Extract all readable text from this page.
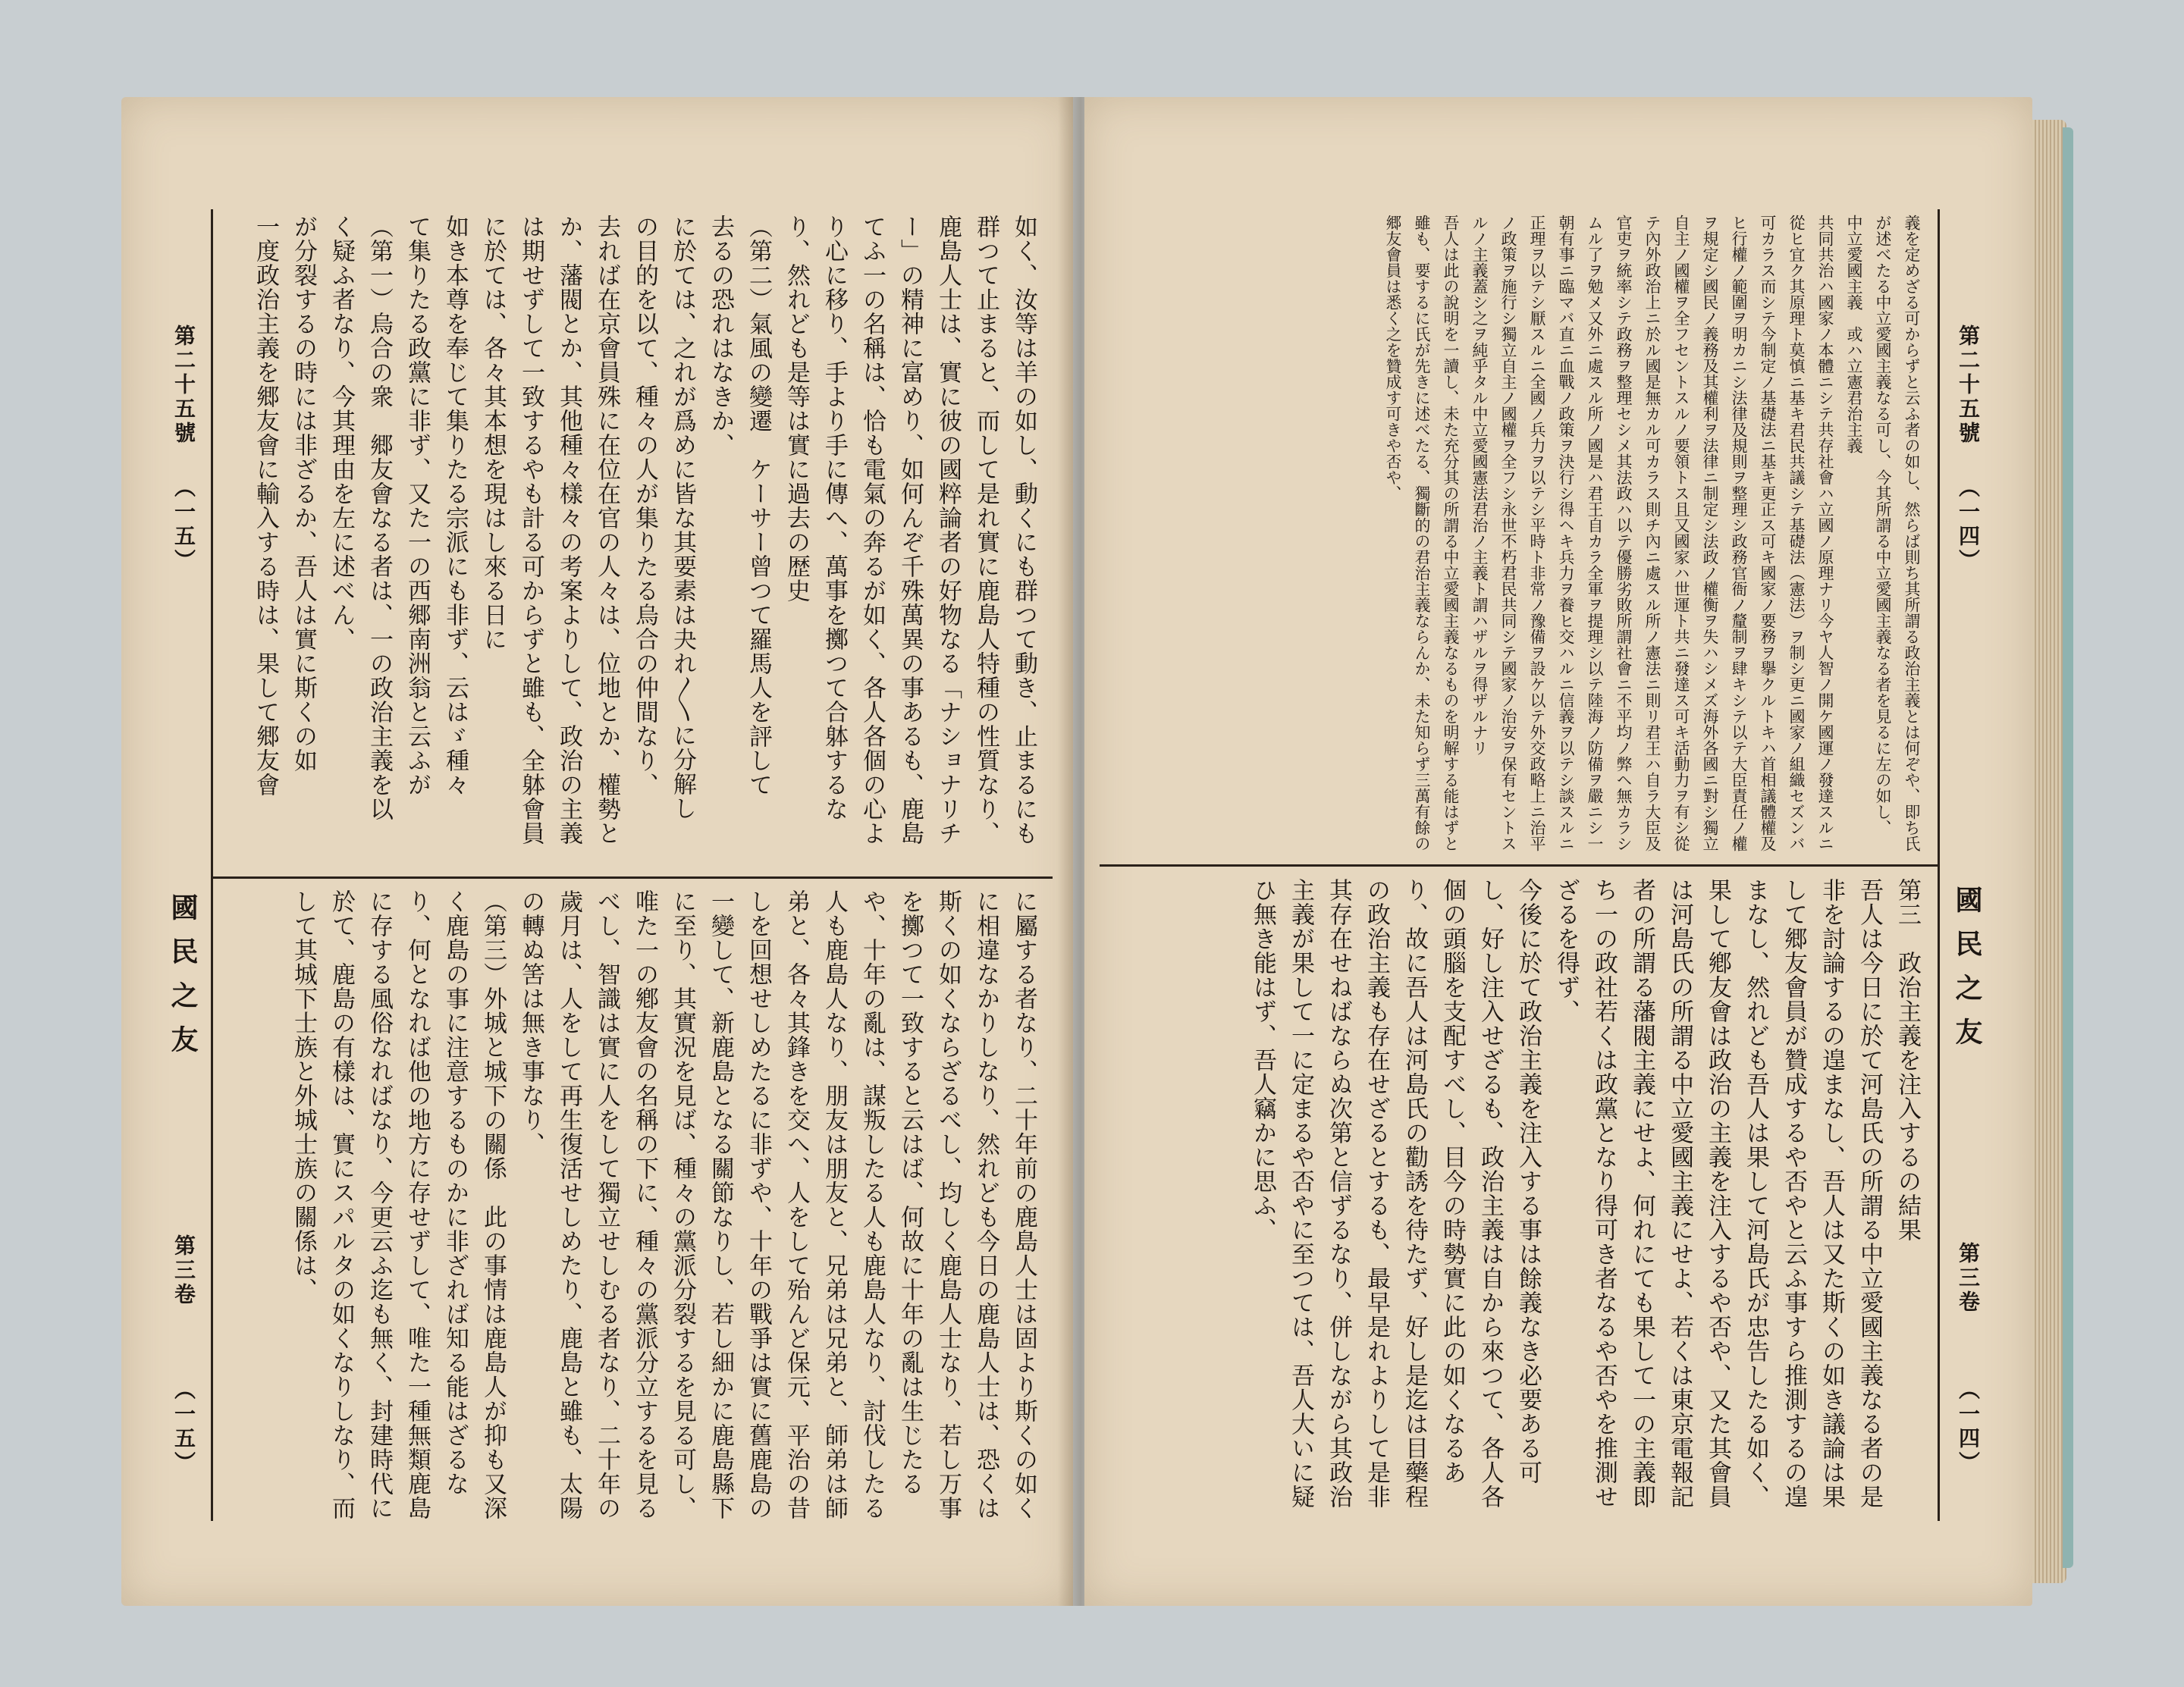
第二十五號
（一五）
國民之友
第三卷
（一五）
如く、汝等は羊の如し、動くにも群つて動き、止まるにも群つて止まると、而して是れ實に鹿島人特種の性質なり、鹿島人士は、實に彼の國粹論者の好物なる「ナショナリチー」の精神に富めり、如何んぞ千殊萬異の事あるも、鹿島てふ一の名稱は、恰も電氣の奔るが如く、各人各個の心より心に移り、手より手に傳へ、萬事を擲つて合躰するなり、然れども是等は實に過去の歴史
（第二）氣風の變遷　ケーサー曾つて羅馬人を評して
去るの恐れはなきか、
に於ては、之れが爲めに皆な其要素は夬れ〳〵に分解し
の目的を以て、種々の人が集りたる烏合の仲間なり、
去れば在京會員殊に在位在官の人々は、位地とか、權勢とか、藩閥とか、其他種々樣々の考案よりして、政治の主義は期せずして一致するやも計る可からずと雖も、全躰會員に於ては、各々其本想を現はし來る日に
如き本尊を奉じて集りたる宗派にも非ず、云はゞ種々
て集りたる政黨に非ず、又た一の西郷南洲翁と云ふが
（第一）烏合の衆　郷友會なる者は、一の政治主義を以
く疑ふ者なり、今其理由を左に述べん、
が分裂するの時には非ざるか、吾人は實に斯くの如
一度政治主義を郷友會に輸入する時は、果して郷友會
に屬する者なり、二十年前の鹿島人士は固より斯くの如くに相違なかりしなり、然れども今日の鹿島人士は、恐くは斯くの如くならざるべし、均しく鹿島人士なり、若し万事を擲つて一致すると云はば、何故に十年の亂は生じたるや、十年の亂は、謀叛したる人も鹿島人なり、討伐したる人も鹿島人なり、朋友は朋友と、兄弟は兄弟と、師弟は師弟と、各々其鋒きを交へ、人をして殆んど保元、平治の昔しを回想せしめたるに非ずや、十年の戰爭は實に舊鹿島の一變して、新鹿島となる關節なりし、若し細かに鹿島縣下に至り、其實況を見ば、種々の黨派分裂するを見る可し、唯た一の鄕友會の名稱の下に、種々の黨派分立するを見るべし、智識は實に人をして獨立せしむる者なり、二十年の歲月は、人をして再生復活せしめたり、鹿島と雖も、太陽の轉ぬ筈は無き事なり、
（第三）外城と城下の關係　此の事情は鹿島人が抑も又深く鹿島の事に注意するものかに非ざれば知る能はざるなり、何となれば他の地方に存せずして、唯た一種無類鹿島に存する風俗なればなり、今更云ふ迄も無く、封建時代に於て、鹿島の有樣は、實にスパルタの如くなりしなり、而して其城下士族と外城士族の關係は、
第二十五號
（一四）
國民之友
第三卷
（一四）
義を定めざる可からずと云ふ者の如し、然らば則ち其所謂る政治主義とは何ぞや、即ち氏が述べたる中立愛國主義なる可し、今其所謂る中立愛國主義なる者を見るに左の如し、
中立愛國主義　或ハ立憲君治主義
共同共治ハ國家ノ本體ニシテ共存社會ハ立國ノ原理ナリ今ヤ人智ノ開ケ國運ノ發達スルニ從ヒ宜ク其原理ト莫慎ニ基キ君民共議シテ基礎法（憲法）ヲ制シ更ニ國家ノ組織セズンバ可カラス而シテ今制定ノ基礎法ニ基キ更正ス可キ國家ノ要務ヲ擧クルトキハ首相議體權及ヒ行權ノ範圍ヲ明カニシ法律及規則ヲ整理シ政務官衙ノ釐制ヲ肆キシテ以テ大臣責任ノ權ヲ規定シ國民ノ義務及其權利ヲ法律ニ制定シ法政ノ權衡ヲ失ハシメズ海外各國ニ對シ獨立自主ノ國權ヲ全フセントスルノ要領トス且又國家ハ世運ト共ニ發達ス可キ活動力ヲ有シ從テ內外政治上ニ於ル國是無カル可カラス則チ內ニ處スル所ノ憲法ニ則リ君王ハ自ラ大臣及官吏ヲ統率シテ政務ヲ整理セシメ其法政ハ以テ優勝劣敗所謂社會ニ不平均ノ弊ヘ無カラシムル了ヲ勉メ又外ニ處スル所ノ國是ハ君王自カラ全軍ヲ提理シ以テ陸海ノ防備ヲ嚴ニシ一朝有事ニ臨マバ直ニ血戰ノ政策ヲ決行シ得ヘキ兵力ヲ養ヒ交ハルニ信義ヲ以テシ談スルニ正理ヲ以テシ厭スルニ全國ノ兵力ヲ以テシ平時ト非常ノ豫備ヲ設ケ以テ外交政略上ニ治平ノ政策ヲ施行シ獨立自主ノ國權ヲ全フシ永世不朽君民共同シテ國家ノ治安ヲ保有セントスルノ主義蓋シ之ヲ純乎タル中立愛國憲法君治ノ主義ト謂ハザルヲ得ザルナリ
吾人は此の說明を一讀し、未た充分其の所謂る中立愛國主義なるものを明解する能はずと雖も、要するに氏が先きに述べたる、獨斷的の君治主義ならんか、未た知らず三萬有餘の郷友會員は悉く之を贊成す可きや否や、
第三　政治主義を注入するの結果
吾人は今日に於て河島氏の所謂る中立愛國主義なる者の是非を討論するの遑まなし、吾人は又た斯くの如き議論は果して郷友會員が贊成するや否やと云ふ事すら推測するの遑まなし、然れども吾人は果して河島氏が忠告したる如く、果して鄕友會は政治の主義を注入するや否や、又た其會員は河島氏の所謂る中立愛國主義にせよ、若くは東京電報記者の所謂る藩閥主義にせよ、何れにても果して一の主義即ち一の政社若くは政黨となり得可き者なるや否やを推測せざるを得ず、
今後に於て政治主義を注入する事は餘義なき必要ある可し、好し注入せざるも、政治主義は自から來つて、各人各個の頭腦を支配すべし、目今の時勢實に此の如くなるあり、故に吾人は河島氏の勸誘を待たず、好し是迄は目藥程の政治主義も存在せざるとするも、最早是れよりして是非其存在せねばならぬ次第と信ずるなり、併しながら其政治主義が果して一に定まるや否やに至つては、吾人大いに疑ひ無き能はず、吾人竊かに思ふ、
